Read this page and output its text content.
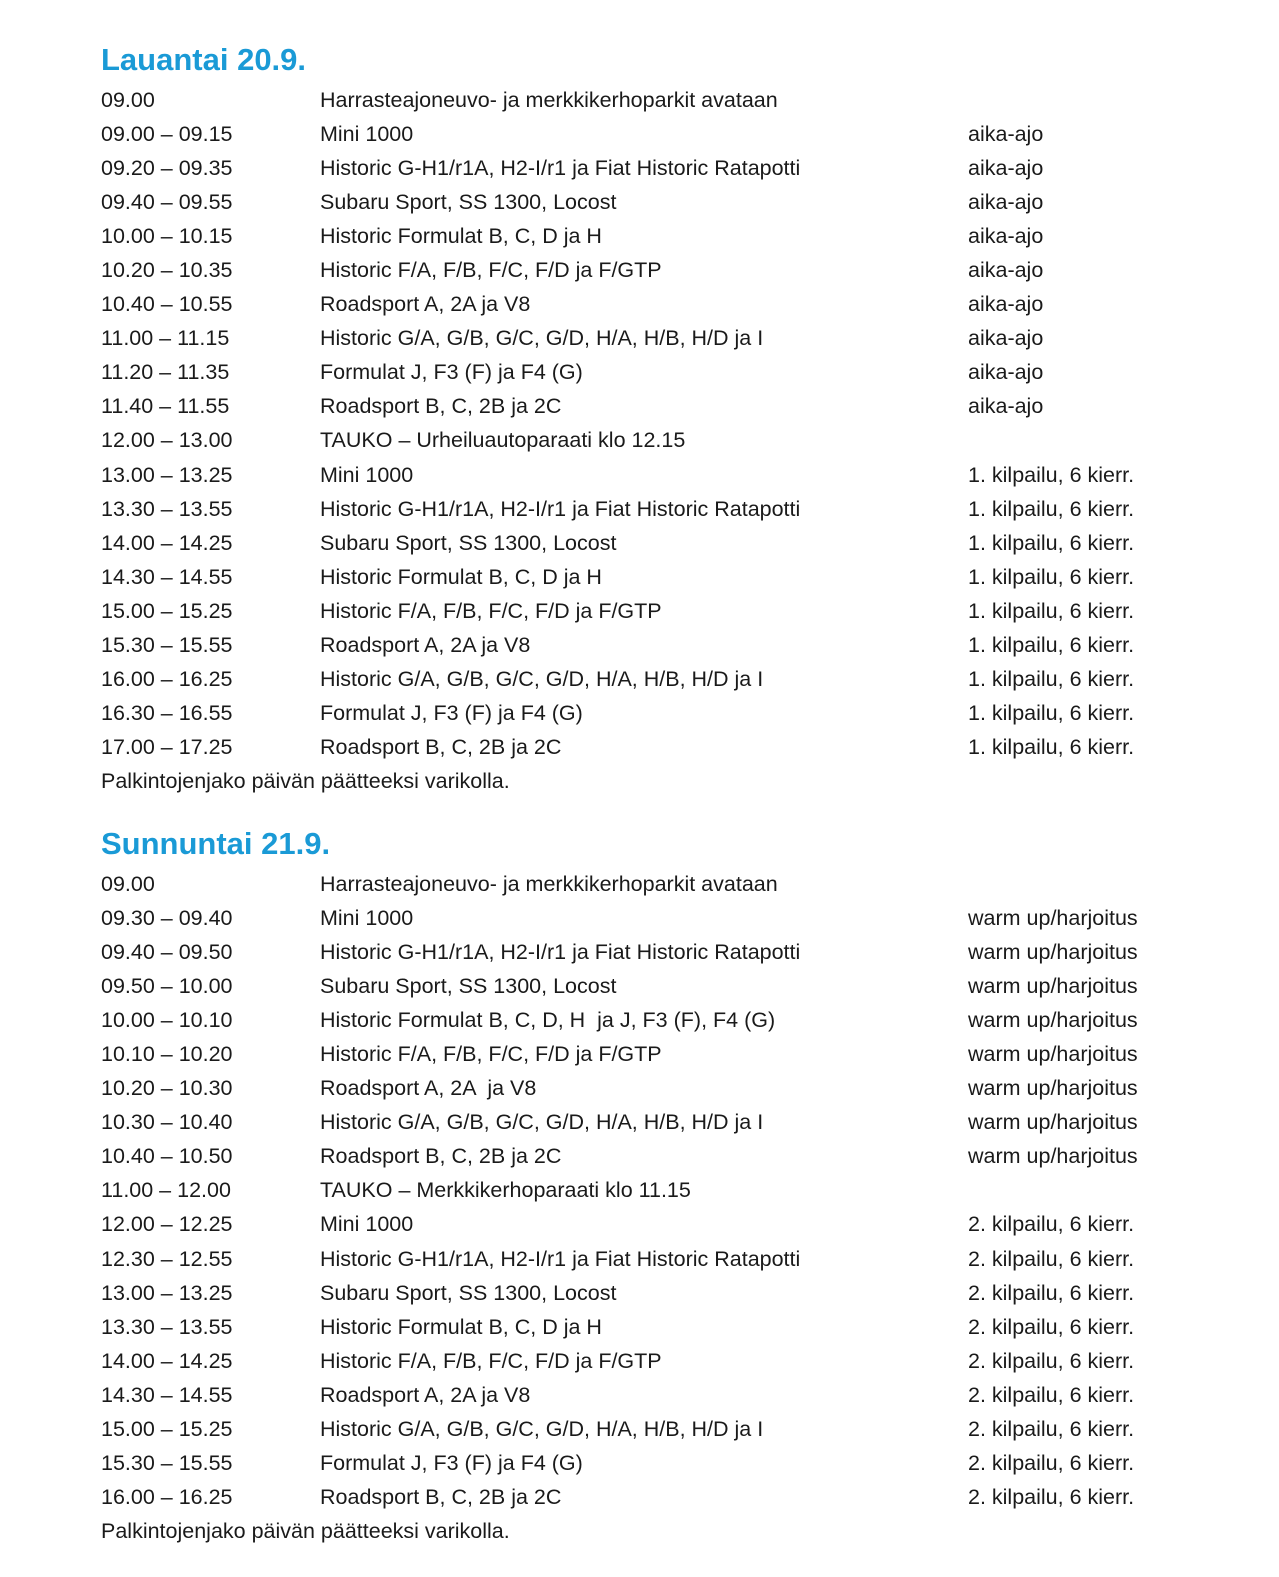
Lauantai 20.9.
09.00	Harrasteajoneuvo- ja merkkikerhoparkit avataan
09.00 – 09.15	Mini 1000	aika-ajo
09.20 – 09.35	Historic G-H1/r1A, H2-I/r1 ja Fiat Historic Ratapotti	aika-ajo
09.40 – 09.55	Subaru Sport, SS 1300, Locost	aika-ajo
10.00 – 10.15	Historic Formulat B, C, D ja H	aika-ajo
10.20 – 10.35	Historic F/A, F/B, F/C, F/D ja F/GTP	aika-ajo
10.40 – 10.55	Roadsport A, 2A ja V8	aika-ajo
11.00 – 11.15	Historic G/A, G/B, G/C, G/D, H/A, H/B, H/D ja I	aika-ajo
11.20 – 11.35	Formulat J, F3 (F) ja F4 (G)	aika-ajo
11.40 – 11.55	Roadsport B, C, 2B ja 2C	aika-ajo
12.00 – 13.00	TAUKO – Urheiluautoparaati klo 12.15
13.00 – 13.25	Mini 1000	1. kilpailu, 6 kierr.
13.30 – 13.55	Historic G-H1/r1A, H2-I/r1 ja Fiat Historic Ratapotti	1. kilpailu, 6 kierr.
14.00 – 14.25	Subaru Sport, SS 1300, Locost	1. kilpailu, 6 kierr.
14.30 – 14.55	Historic Formulat B, C, D ja H	1. kilpailu, 6 kierr.
15.00 – 15.25	Historic F/A, F/B, F/C, F/D ja F/GTP	1. kilpailu, 6 kierr.
15.30 – 15.55	Roadsport A, 2A ja V8	1. kilpailu, 6 kierr.
16.00 – 16.25	Historic G/A, G/B, G/C, G/D, H/A, H/B, H/D ja I	1. kilpailu, 6 kierr.
16.30 – 16.55	Formulat J, F3 (F) ja F4 (G)	1. kilpailu, 6 kierr.
17.00 – 17.25	Roadsport B, C, 2B ja 2C	1. kilpailu, 6 kierr.
Palkintojenjako päivän päätteeksi varikolla.
Sunnuntai 21.9.
09.00	Harrasteajoneuvo- ja merkkikerhoparkit avataan
09.30 – 09.40	Mini 1000	warm up/harjoitus
09.40 – 09.50	Historic G-H1/r1A, H2-I/r1 ja Fiat Historic Ratapotti	warm up/harjoitus
09.50 – 10.00	Subaru Sport, SS 1300, Locost	warm up/harjoitus
10.00 – 10.10	Historic Formulat B, C, D, H  ja J, F3 (F), F4 (G)	warm up/harjoitus
10.10 – 10.20	Historic F/A, F/B, F/C, F/D ja F/GTP	warm up/harjoitus
10.20 – 10.30	Roadsport A, 2A  ja V8	warm up/harjoitus
10.30 – 10.40	Historic G/A, G/B, G/C, G/D, H/A, H/B, H/D ja I	warm up/harjoitus
10.40 – 10.50	Roadsport B, C, 2B ja 2C	warm up/harjoitus
11.00 – 12.00	TAUKO – Merkkikerhoparaati klo 11.15
12.00 – 12.25	Mini 1000	2. kilpailu, 6 kierr.
12.30 – 12.55	Historic G-H1/r1A, H2-I/r1 ja Fiat Historic Ratapotti	2. kilpailu, 6 kierr.
13.00 – 13.25	Subaru Sport, SS 1300, Locost	2. kilpailu, 6 kierr.
13.30 – 13.55	Historic Formulat B, C, D ja H	2. kilpailu, 6 kierr.
14.00 – 14.25	Historic F/A, F/B, F/C, F/D ja F/GTP	2. kilpailu, 6 kierr.
14.30 – 14.55	Roadsport A, 2A ja V8	2. kilpailu, 6 kierr.
15.00 – 15.25	Historic G/A, G/B, G/C, G/D, H/A, H/B, H/D ja I	2. kilpailu, 6 kierr.
15.30 – 15.55	Formulat J, F3 (F) ja F4 (G)	2. kilpailu, 6 kierr.
16.00 – 16.25	Roadsport B, C, 2B ja 2C	2. kilpailu, 6 kierr.
Palkintojenjako päivän päätteeksi varikolla.
